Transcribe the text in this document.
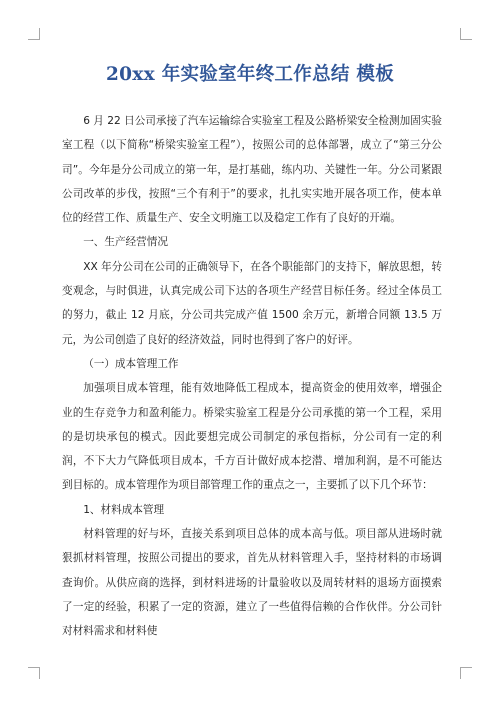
20xx 年实验室年终工作总结 模板

6 月 22 日公司承接了汽车运输综合实验室工程及公路桥梁安全检测加固实验室工程（以下简称“桥梁实验室工程”），按照公司的总体部署，成立了“第三分公司”。今年是分公司成立的第一年，是打基础，练内功、关键性一年。分公司紧跟公司改革的步伐，按照“三个有利于”的要求，扎扎实实地开展各项工作，使本单位的经营工作、质量生产、安全文明施工以及稳定工作有了良好的开端。

一、生产经营情况

XX 年分公司在公司的正确领导下，在各个职能部门的支持下，解放思想，转变观念，与时俱进，认真完成公司下达的各项生产经营目标任务。经过全体员工的努力，截止 12 月底，分公司共完成产值 1500 余万元，新增合同额 13.5 万元，为公司创造了良好的经济效益，同时也得到了客户的好评。

（一）成本管理工作

加强项目成本管理，能有效地降低工程成本，提高资金的使用效率，增强企业的生存竞争力和盈利能力。桥梁实验室工程是分公司承揽的第一个工程，采用的是切块承包的模式。因此要想完成公司制定的承包指标，分公司有一定的利润，不下大力气降低项目成本，千方百计做好成本挖潜、增加利润，是不可能达到目标的。成本管理作为项目部管理工作的重点之一，主要抓了以下几个环节：

1、材料成本管理

材料管理的好与坏，直接关系到项目总体的成本高与低。项目部从进场时就狠抓材料管理，按照公司提出的要求，首先从材料管理入手，坚持材料的市场调查询价。从供应商的选择，到材料进场的计量验收以及周转材料的退场方面摸索了一定的经验，积累了一定的资源，建立了一些值得信赖的合作伙伴。分公司针对材料需求和材料使
